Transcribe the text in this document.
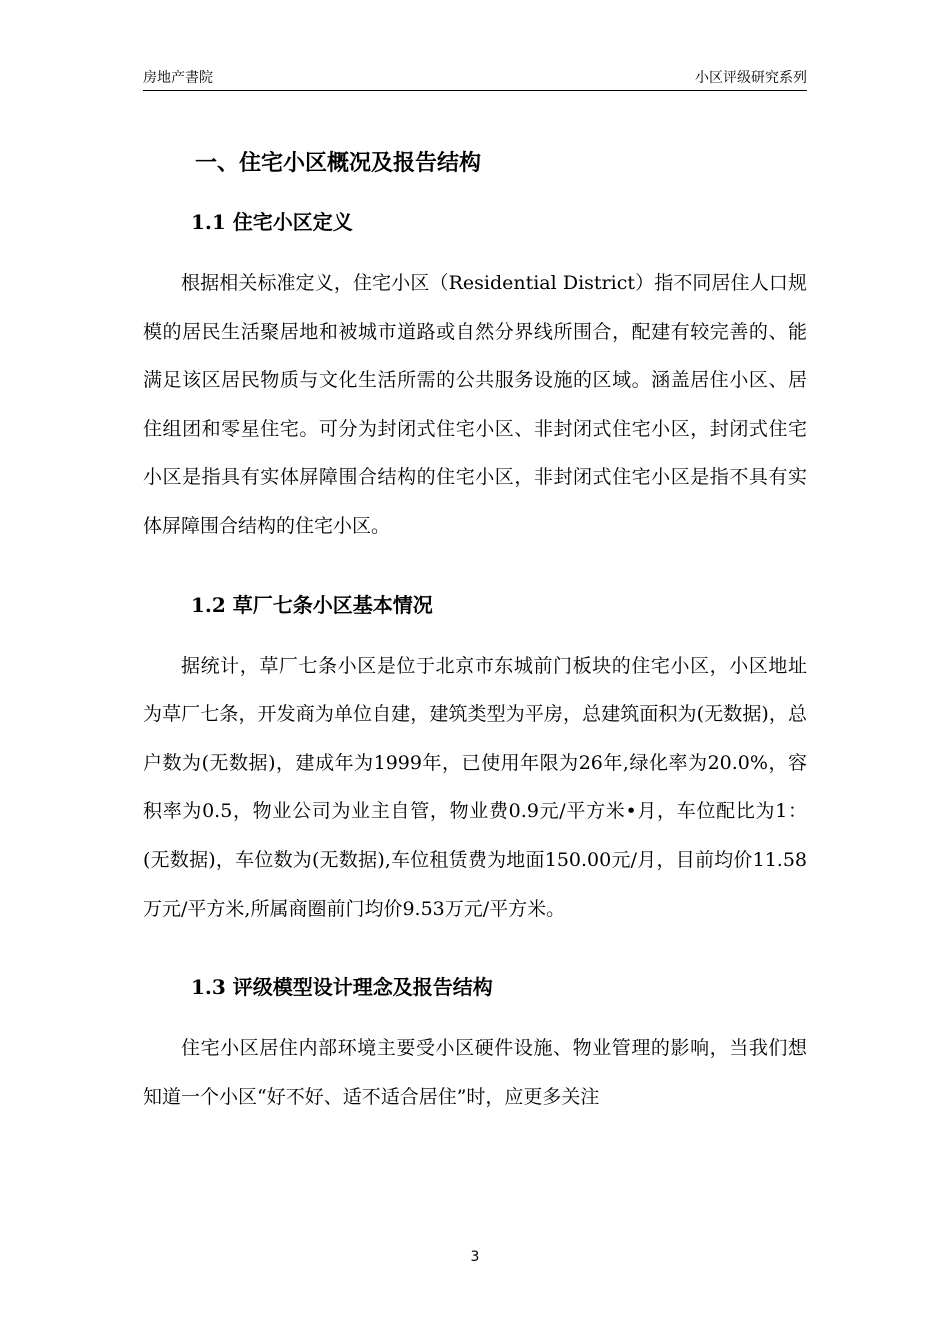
房地产書院	小区评级研究系列
一、住宅小区概况及报告结构
1.1 住宅小区定义

根据相关标准定义，住宅小区（Residential District）指不同居住人口规模的居民生活聚居地和被城市道路或自然分界线所围合，配建有较完善的、能满足该区居民物质与文化生活所需的公共服务设施的区域。涵盖居住小区、居住组团和零星住宅。可分为封闭式住宅小区、非封闭式住宅小区，封闭式住宅小区是指具有实体屏障围合结构的住宅小区，非封闭式住宅小区是指不具有实体屏障围合结构的住宅小区。

1.2 草厂七条小区基本情况

据统计，草厂七条小区是位于北京市东城前门板块的住宅小区，小区地址为草厂七条，开发商为单位自建，建筑类型为平房，总建筑面积为(无数据)，总户数为(无数据)，建成年为1999年，已使用年限为26年,绿化率为20.0%，容积率为0.5，物业公司为业主自管，物业费0.9元/平方米•月，车位配比为1：(无数据)，车位数为(无数据),车位租赁费为地面150.00元/月，目前均价11.58万元/平方米,所属商圈前门均价9.53万元/平方米。

1.3 评级模型设计理念及报告结构

住宅小区居住内部环境主要受小区硬件设施、物业管理的影响，当我们想知道一个小区“好不好、适不适合居住”时，应更多关注

3
